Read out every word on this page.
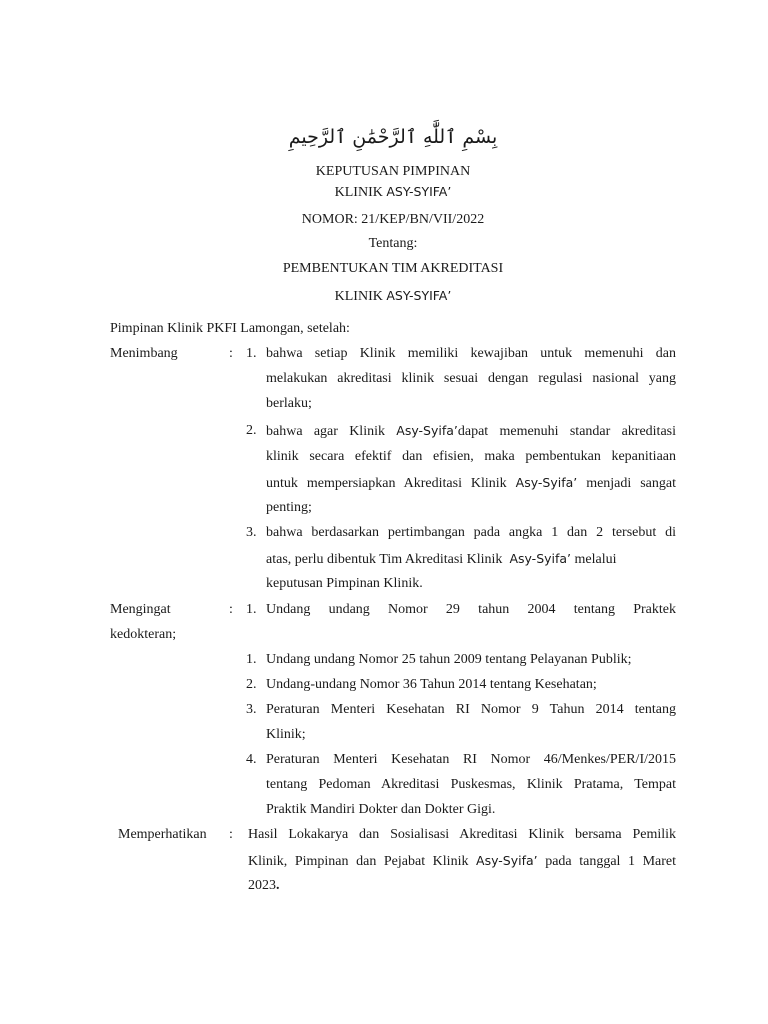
بِسْمِ ٱللَّٰهِ ٱلرَّحْمَٰنِ ٱلرَّحِيمِ
KEPUTUSAN PIMPINAN
KLINIK ASY-SYIFA’
NOMOR: 21/KEP/BN/VII/2022
Tentang:
PEMBENTUKAN TIM AKREDITASI
KLINIK ASY-SYIFA’
Pimpinan Klinik PKFI Lamongan, setelah:
Menimbang	: 1. bahwa setiap Klinik memiliki kewajiban untuk memenuhi dan
melakukan akreditasi klinik sesuai dengan regulasi nasional yang
berlaku;
2. bahwa agar Klinik Asy-Syifa’dapat memenuhi standar akreditasi
klinik secara efektif dan efisien, maka pembentukan kepanitiaan
untuk mempersiapkan Akreditasi Klinik Asy-Syifa’ menjadi sangat
penting;
3. bahwa berdasarkan pertimbangan pada angka 1 dan 2 tersebut di
atas, perlu dibentuk Tim Akreditasi Klinik Asy-Syifa’ melalui
keputusan Pimpinan Klinik.
Mengingat	: 1. Undang undang Nomor 29 tahun 2004 tentang Praktek
kedokteran;
1. Undang undang Nomor 25 tahun 2009 tentang Pelayanan Publik;
2. Undang-undang Nomor 36 Tahun 2014 tentang Kesehatan;
3. Peraturan Menteri Kesehatan RI Nomor 9 Tahun 2014 tentang
Klinik;
4. Peraturan Menteri Kesehatan RI Nomor 46/Menkes/PER/I/2015
tentang Pedoman Akreditasi Puskesmas, Klinik Pratama, Tempat
Praktik Mandiri Dokter dan Dokter Gigi.
Memperhatikan : Hasil Lokakarya dan Sosialisasi Akreditasi Klinik bersama Pemilik
Klinik, Pimpinan dan Pejabat Klinik Asy-Syifa’ pada tanggal 1 Maret
2023.
